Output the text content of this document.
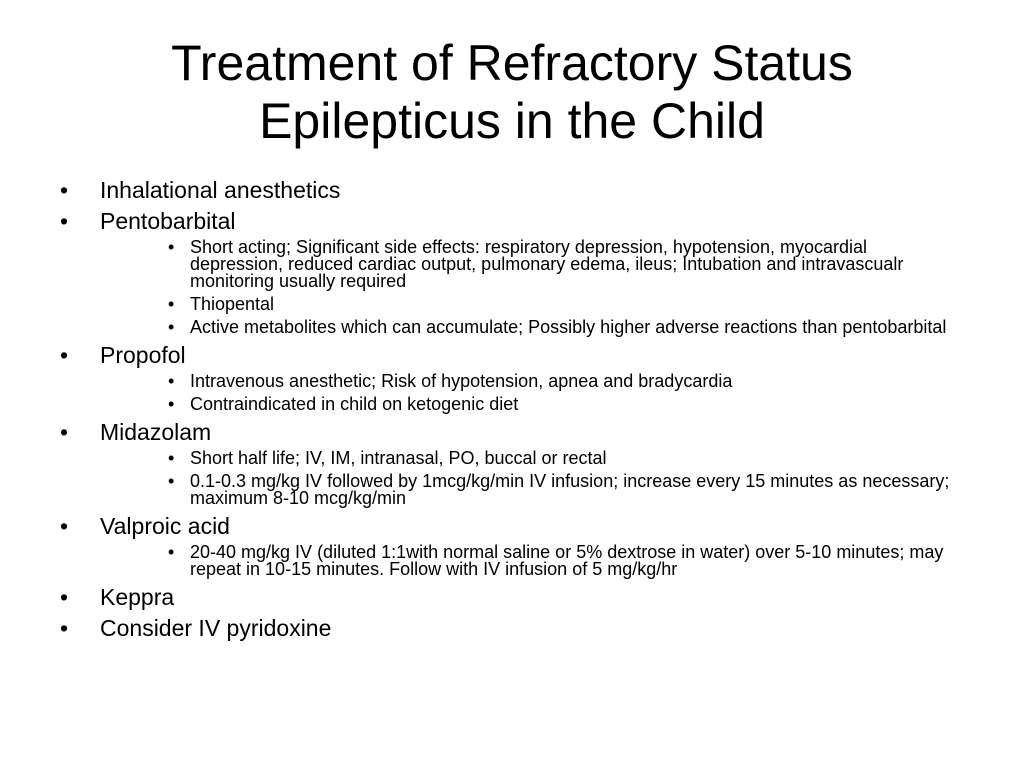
Treatment of Refractory Status
Epilepticus in the Child
• Inhalational anesthetics
• Pentobarbital
• Short acting; Significant side effects: respiratory depression, hypotension, myocardial depression, reduced cardiac output, pulmonary edema, ileus; Intubation and intravascualr monitoring usually required
• Thiopental
• Active metabolites which can accumulate; Possibly higher adverse reactions than pentobarbital
• Propofol
• Intravenous anesthetic; Risk of hypotension, apnea and bradycardia
• Contraindicated in child on ketogenic diet
• Midazolam
• Short half life; IV, IM, intranasal, PO, buccal or rectal
• 0.1-0.3 mg/kg IV followed by 1mcg/kg/min IV infusion; increase every 15 minutes as necessary; maximum 8-10 mcg/kg/min
• Valproic acid
• 20-40 mg/kg IV (diluted 1:1with normal saline or 5% dextrose in water) over 5-10 minutes; may repeat in 10-15 minutes. Follow with IV infusion of 5 mg/kg/hr
• Keppra
• Consider IV pyridoxine
